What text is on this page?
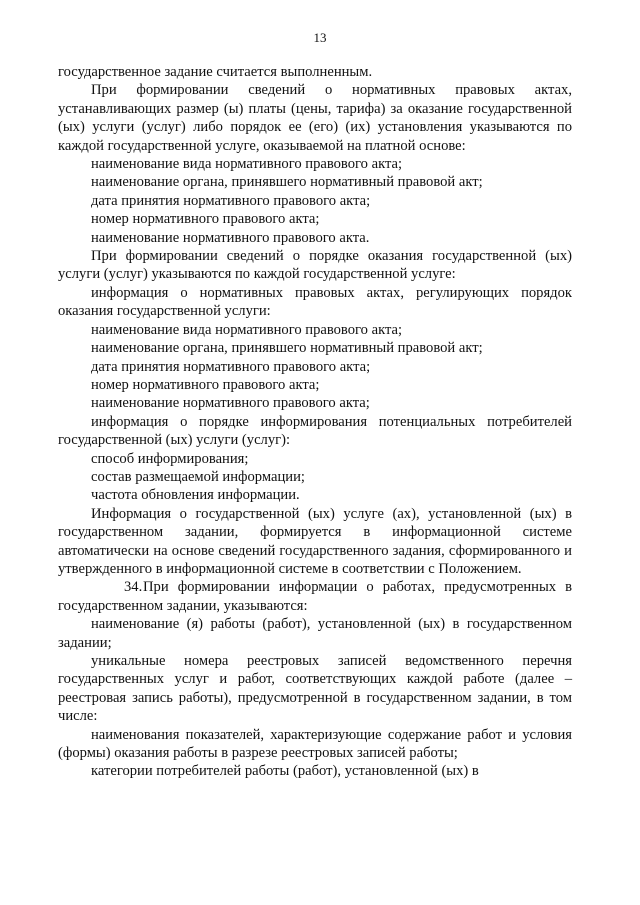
13

государственное задание считается выполненным.

При формировании сведений о нормативных правовых актах, устанавливающих размер (ы) платы (цены, тарифа) за оказание государственной (ых) услуги (услуг) либо порядок ее (его) (их) установления указываются по каждой государственной услуге, оказываемой на платной основе:

наименование вида нормативного правового акта;

наименование органа, принявшего нормативный правовой акт;

дата принятия нормативного правового акта;

номер нормативного правового акта;

наименование нормативного правового акта.

При формировании сведений о порядке оказания государственной (ых) услуги (услуг) указываются по каждой государственной услуге:

информация о нормативных правовых актах, регулирующих порядок оказания государственной услуги:

наименование вида нормативного правового акта;

наименование органа, принявшего нормативный правовой акт;

дата принятия нормативного правового акта;

номер нормативного правового акта;

наименование нормативного правового акта;

информация о порядке информирования потенциальных потребителей государственной (ых) услуги (услуг):

способ информирования;

состав размещаемой информации;

частота обновления информации.

Информация о государственной (ых) услуге (ах), установленной (ых) в государственном задании, формируется в информационной системе автоматически на основе сведений государственного задания, сформированного и утвержденного в информационной системе в соответствии с Положением.

34.При формировании информации о работах, предусмотренных в государственном задании, указываются:

наименование (я) работы (работ), установленной (ых) в государственном задании;

уникальные номера реестровых записей ведомственного перечня государственных услуг и работ, соответствующих каждой работе (далее – реестровая запись работы), предусмотренной в государственном задании, в том числе:

наименования показателей, характеризующие содержание работ и условия (формы) оказания работы в разрезе реестровых записей работы;

категории потребителей работы (работ), установленной (ых) в
